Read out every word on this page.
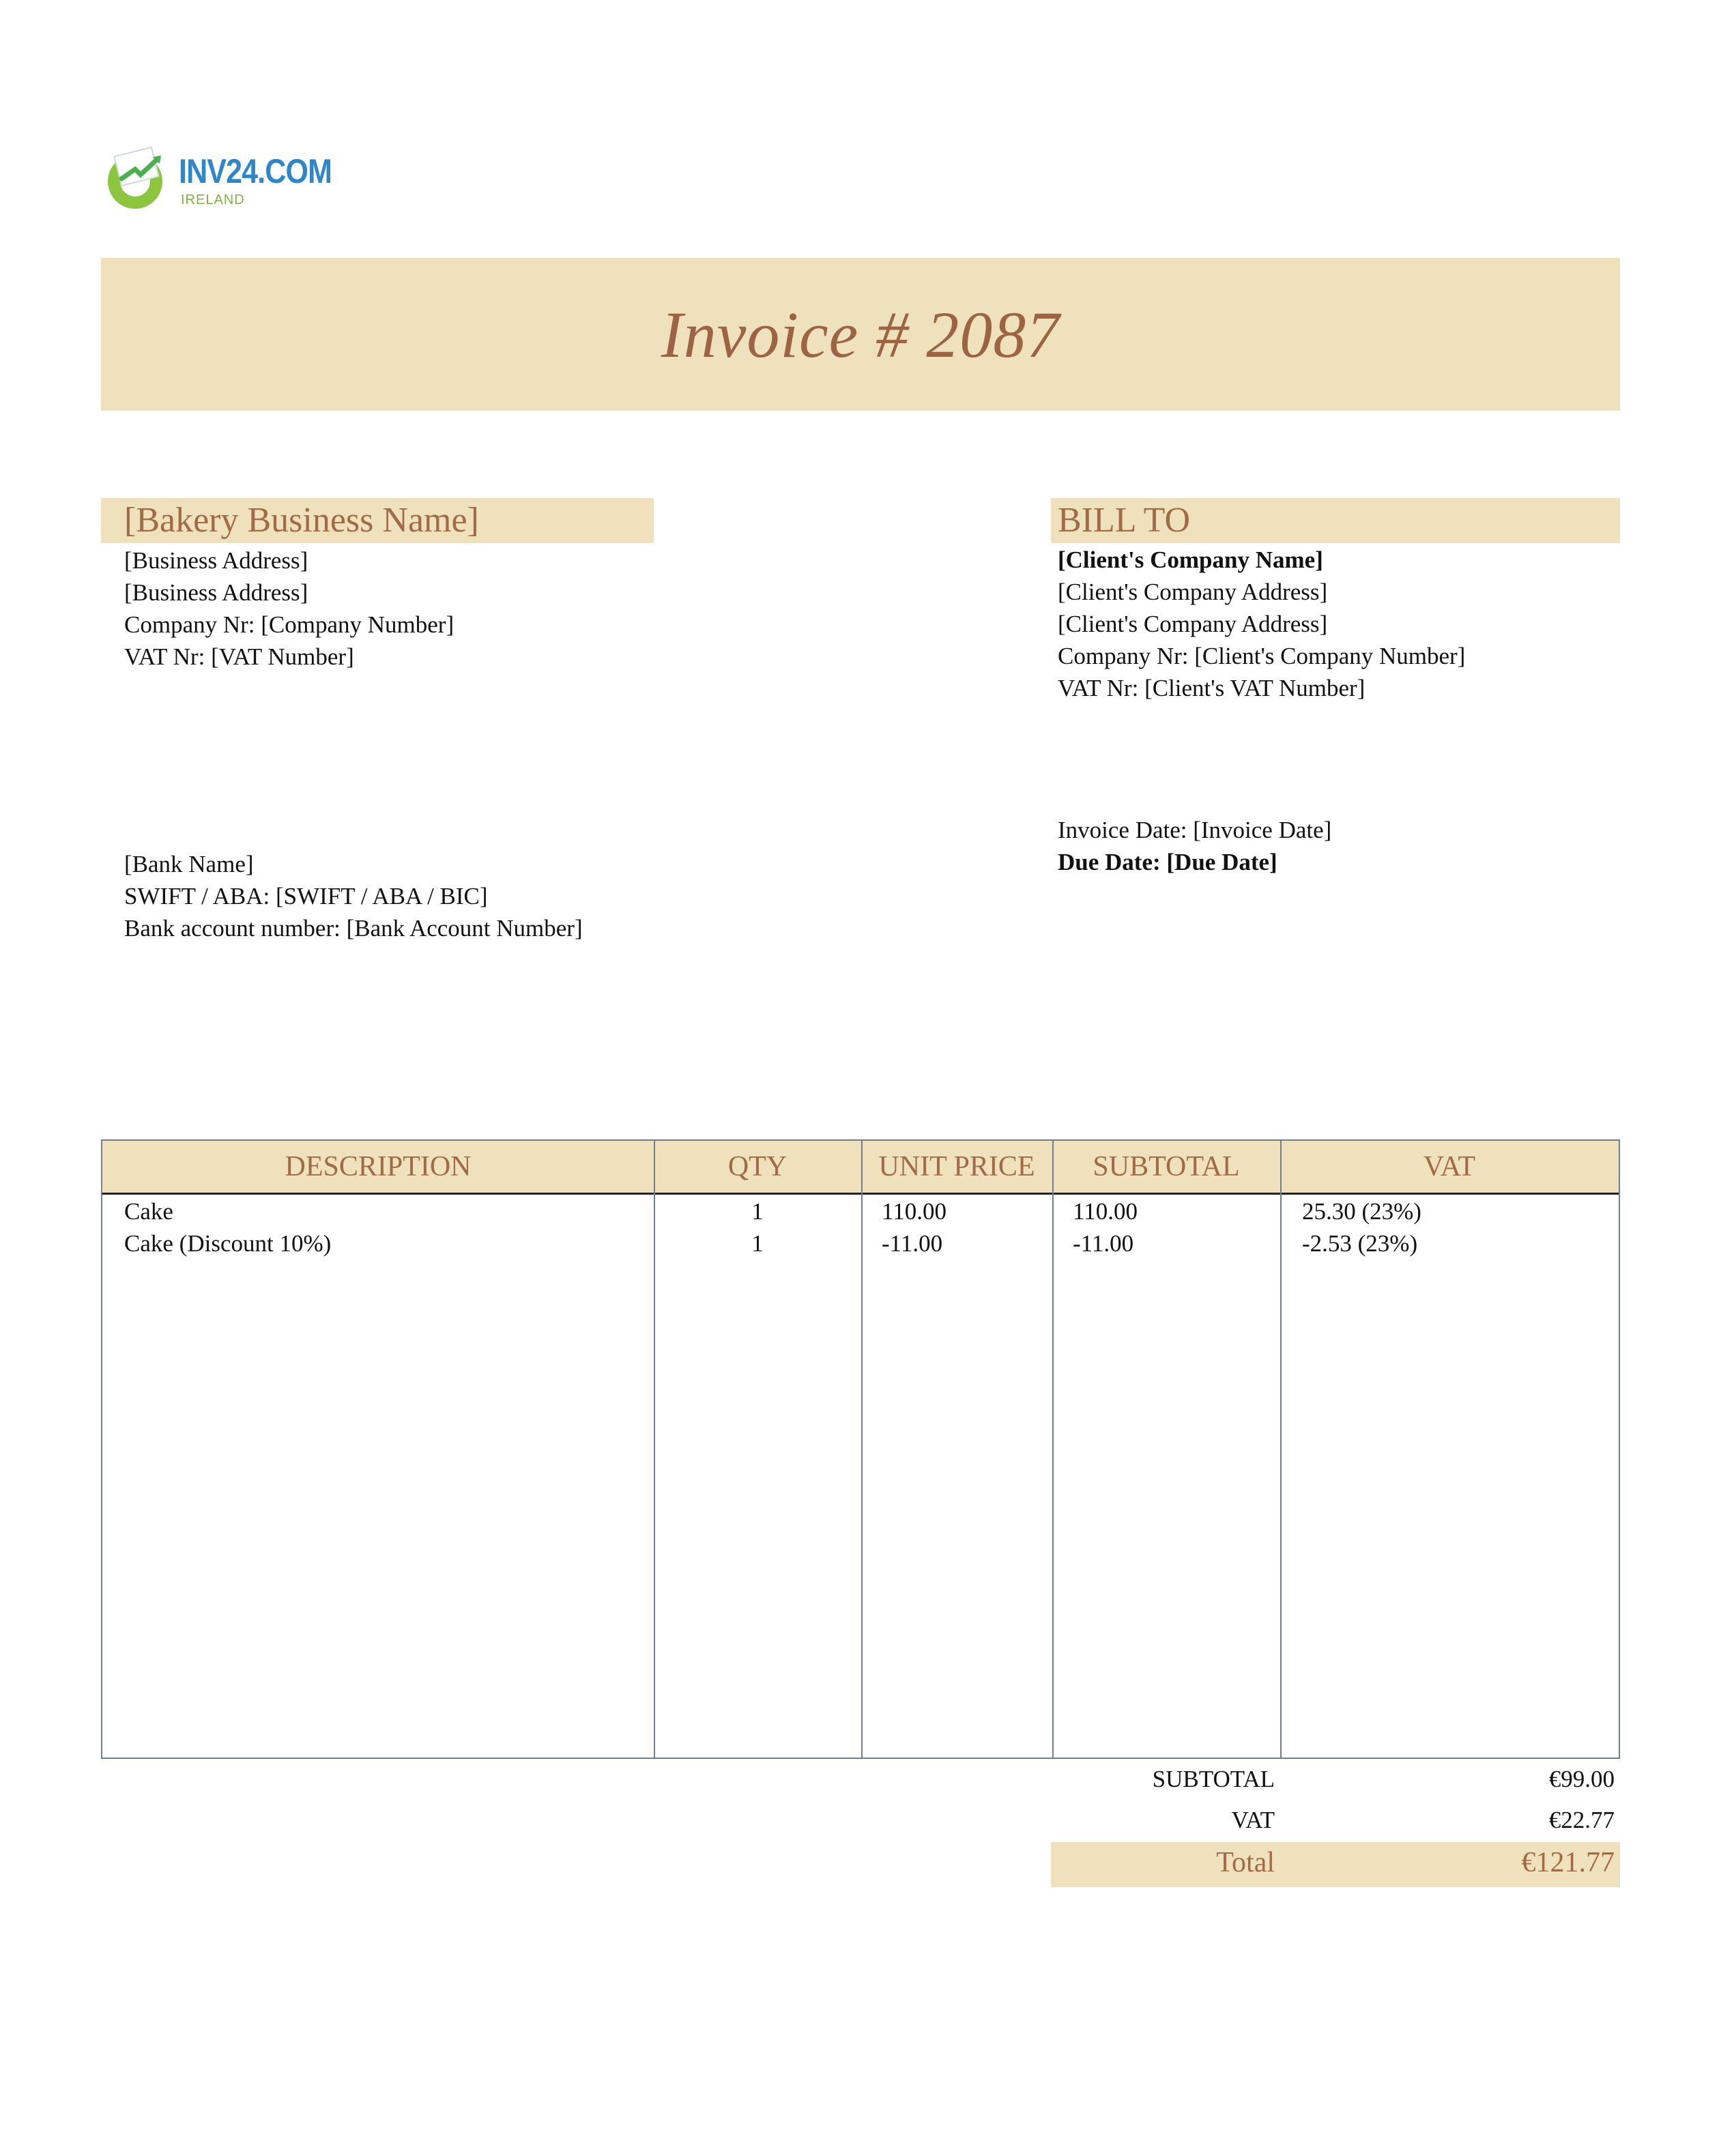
INV24.COM
IRELAND
Invoice # 2087
[Bakery Business Name]
[Business Address]
[Business Address]
Company Nr: [Company Number]
VAT Nr: [VAT Number]
BILL TO
[Client's Company Name]
[Client's Company Address]
[Client's Company Address]
Company Nr: [Client's Company Number]
VAT Nr: [Client's VAT Number]
Invoice Date: [Invoice Date]
Due Date: [Due Date]
[Bank Name]
SWIFT / ABA: [SWIFT / ABA / BIC]
Bank account number: [Bank Account Number]
DESCRIPTION	QTY	UNIT PRICE	SUBTOTAL	VAT
Cake	1	110.00	110.00	25.30 (23%)
Cake (Discount 10%)	1	-11.00	-11.00	-2.53 (23%)
SUBTOTAL	€99.00
VAT	€22.77
Total	€121.77
